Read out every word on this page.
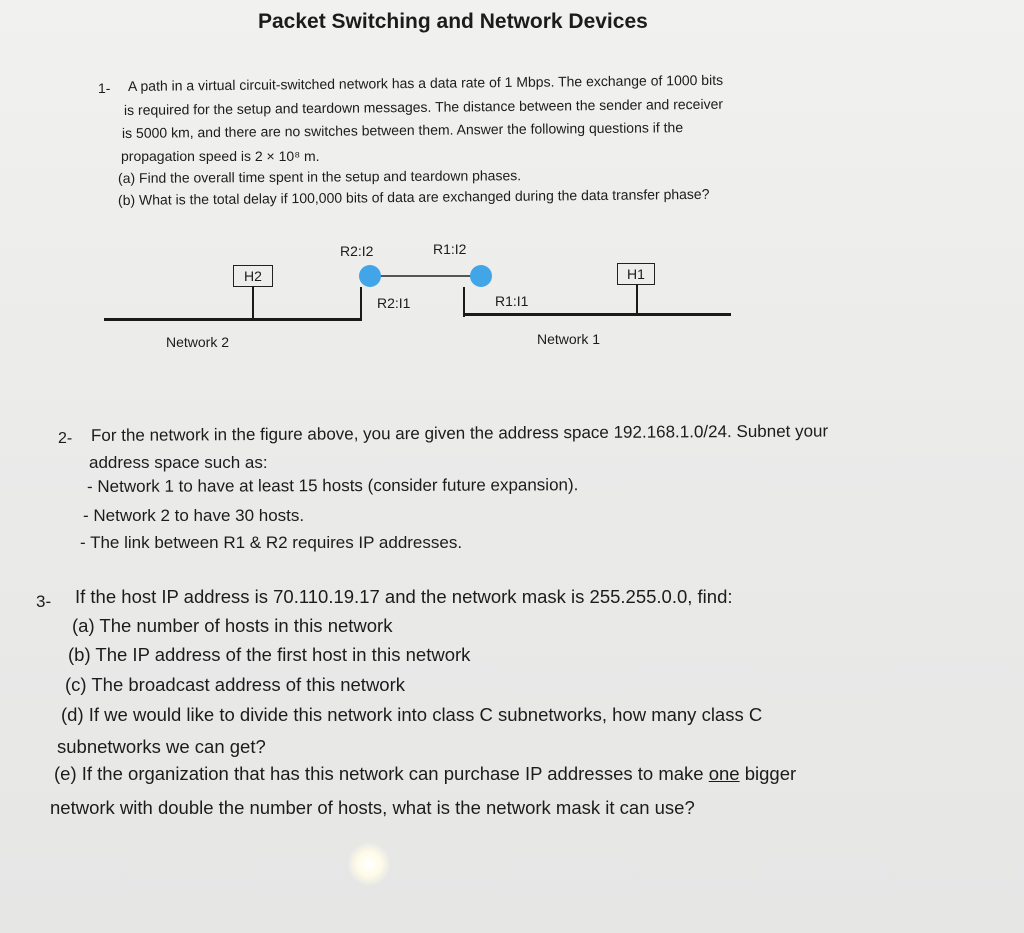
Packet Switching and Network Devices
1- A path in a virtual circuit-switched network has a data rate of 1 Mbps. The exchange of 1000 bits
is required for the setup and teardown messages. The distance between the sender and receiver
is 5000 km, and there are no switches between them. Answer the following questions if the
propagation speed is 2 × 10⁸ m.
(a) Find the overall time spent in the setup and teardown phases.
(b) What is the total delay if 100,000 bits of data are exchanged during the data transfer phase?
R2:I2	R1:I2
H2	H1
R2:I1	R1:I1
Network 2	Network 1
2- For the network in the figure above, you are given the address space 192.168.1.0/24. Subnet your
address space such as:
- Network 1 to have at least 15 hosts (consider future expansion).
- Network 2 to have 30 hosts.
- The link between R1 & R2 requires IP addresses.
3- If the host IP address is 70.110.19.17 and the network mask is 255.255.0.0, find:
(a) The number of hosts in this network
(b) The IP address of the first host in this network
(c) The broadcast address of this network
(d) If we would like to divide this network into class C subnetworks, how many class C
subnetworks we can get?
(e) If the organization that has this network can purchase IP addresses to make one bigger
network with double the number of hosts, what is the network mask it can use?
